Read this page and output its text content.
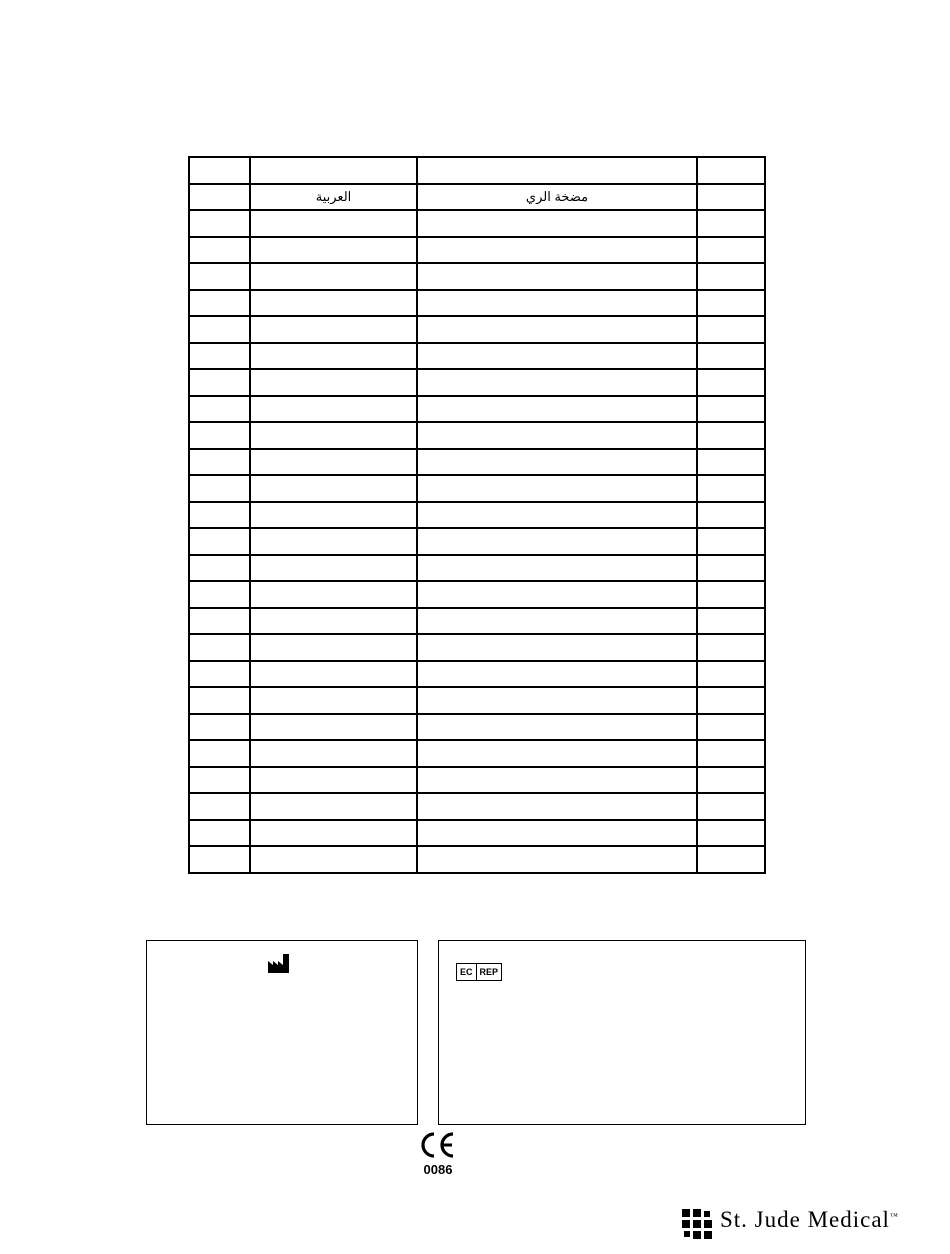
	العربية	مضخة الري	

EC REP
0086
St. Jude Medical™
